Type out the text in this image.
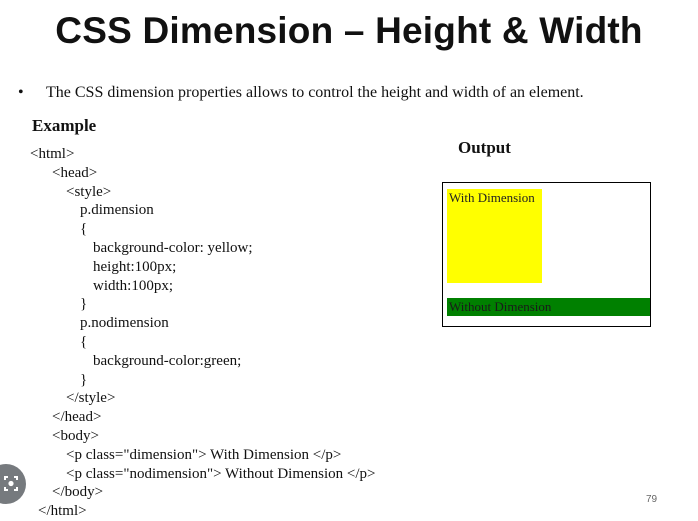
CSS Dimension – Height & Width
• The CSS dimension properties allows to control the height and width of an element.
Example
<html>
<head>
<style>
p.dimension
{
background-color: yellow;
height:100px;
width:100px;
}
p.nodimension
{
background-color:green;
}
</style>
</head>
<body>
<p class="dimension"> With Dimension </p>
<p class="nodimension"> Without Dimension </p>
</body>
</html>
Output
With Dimension
Without Dimension
79
